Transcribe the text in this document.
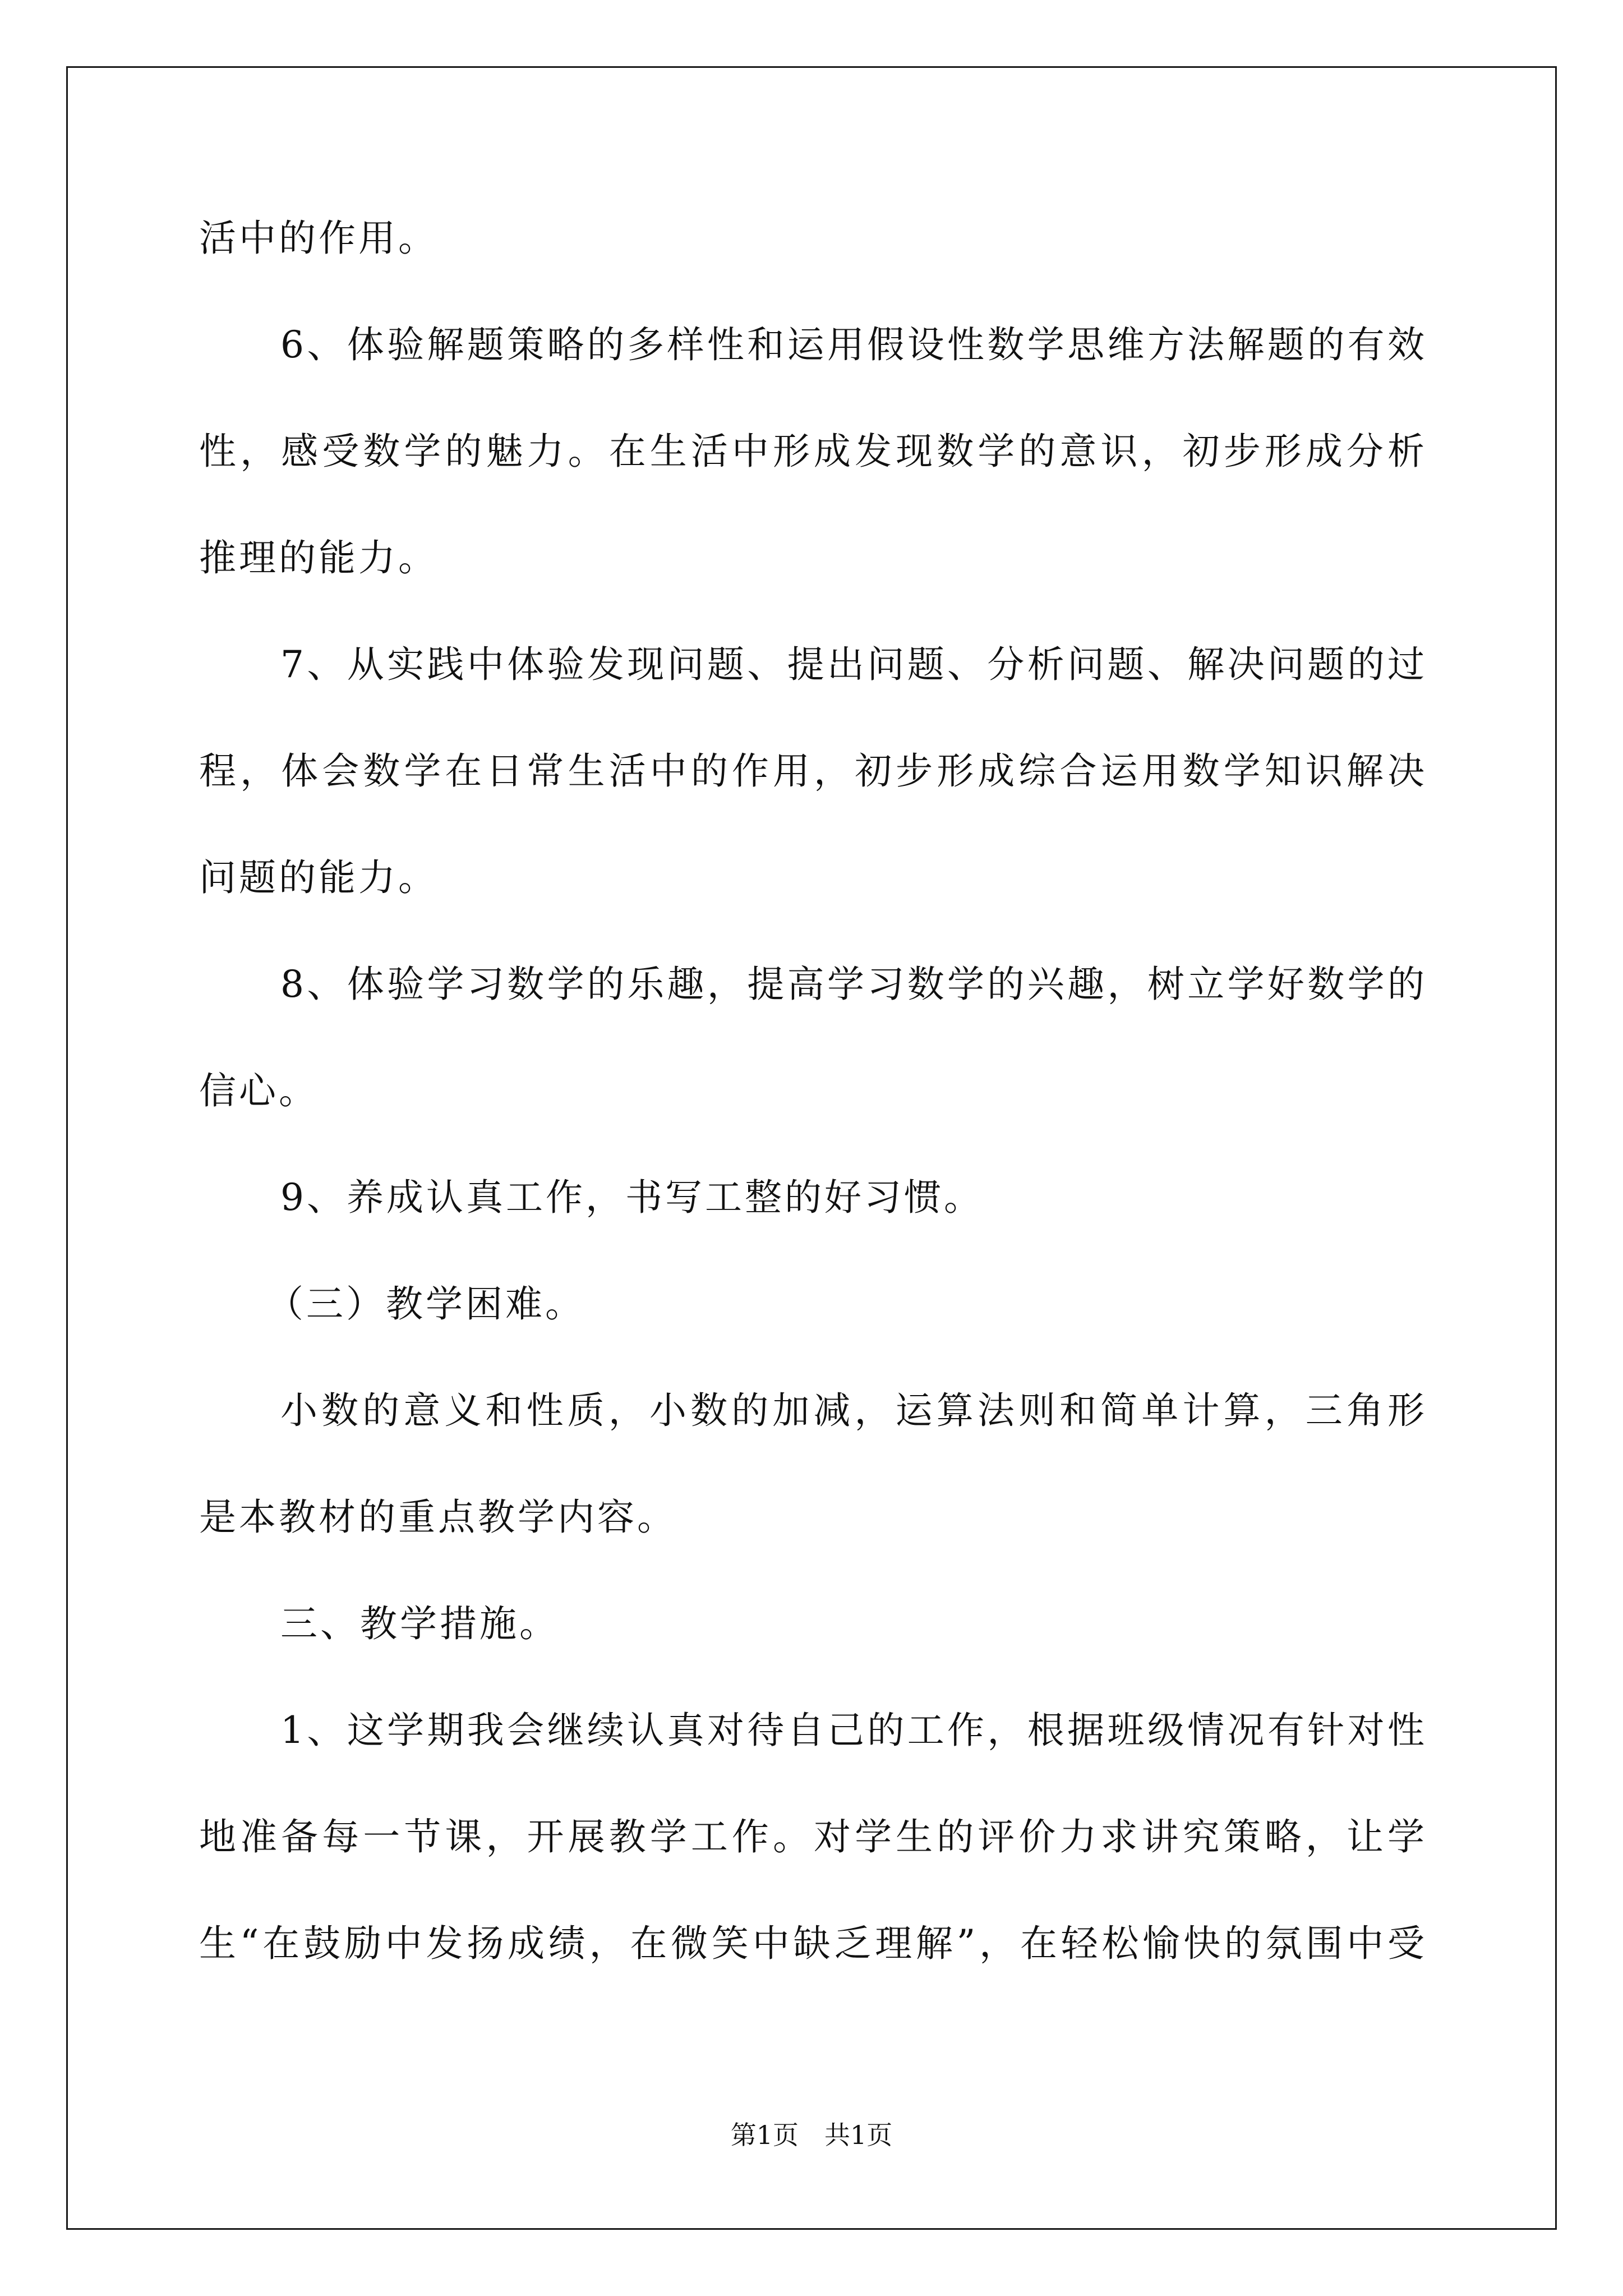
活中的作用。
6、体验解题策略的多样性和运用假设性数学思维方法解题的有效
性，感受数学的魅力。在生活中形成发现数学的意识，初步形成分析
推理的能力。
7、从实践中体验发现问题、提出问题、分析问题、解决问题的过
程，体会数学在日常生活中的作用，初步形成综合运用数学知识解决
问题的能力。
8、体验学习数学的乐趣，提高学习数学的兴趣，树立学好数学的
信心。
9、养成认真工作，书写工整的好习惯。
（三）教学困难。
小数的意义和性质，小数的加减，运算法则和简单计算，三角形
是本教材的重点教学内容。
三、教学措施。
1、这学期我会继续认真对待自己的工作，根据班级情况有针对性
地准备每一节课，开展教学工作。对学生的评价力求讲究策略，让学
生“在鼓励中发扬成绩，在微笑中缺乏理解”，在轻松愉快的氛围中受
第1页　共1页
